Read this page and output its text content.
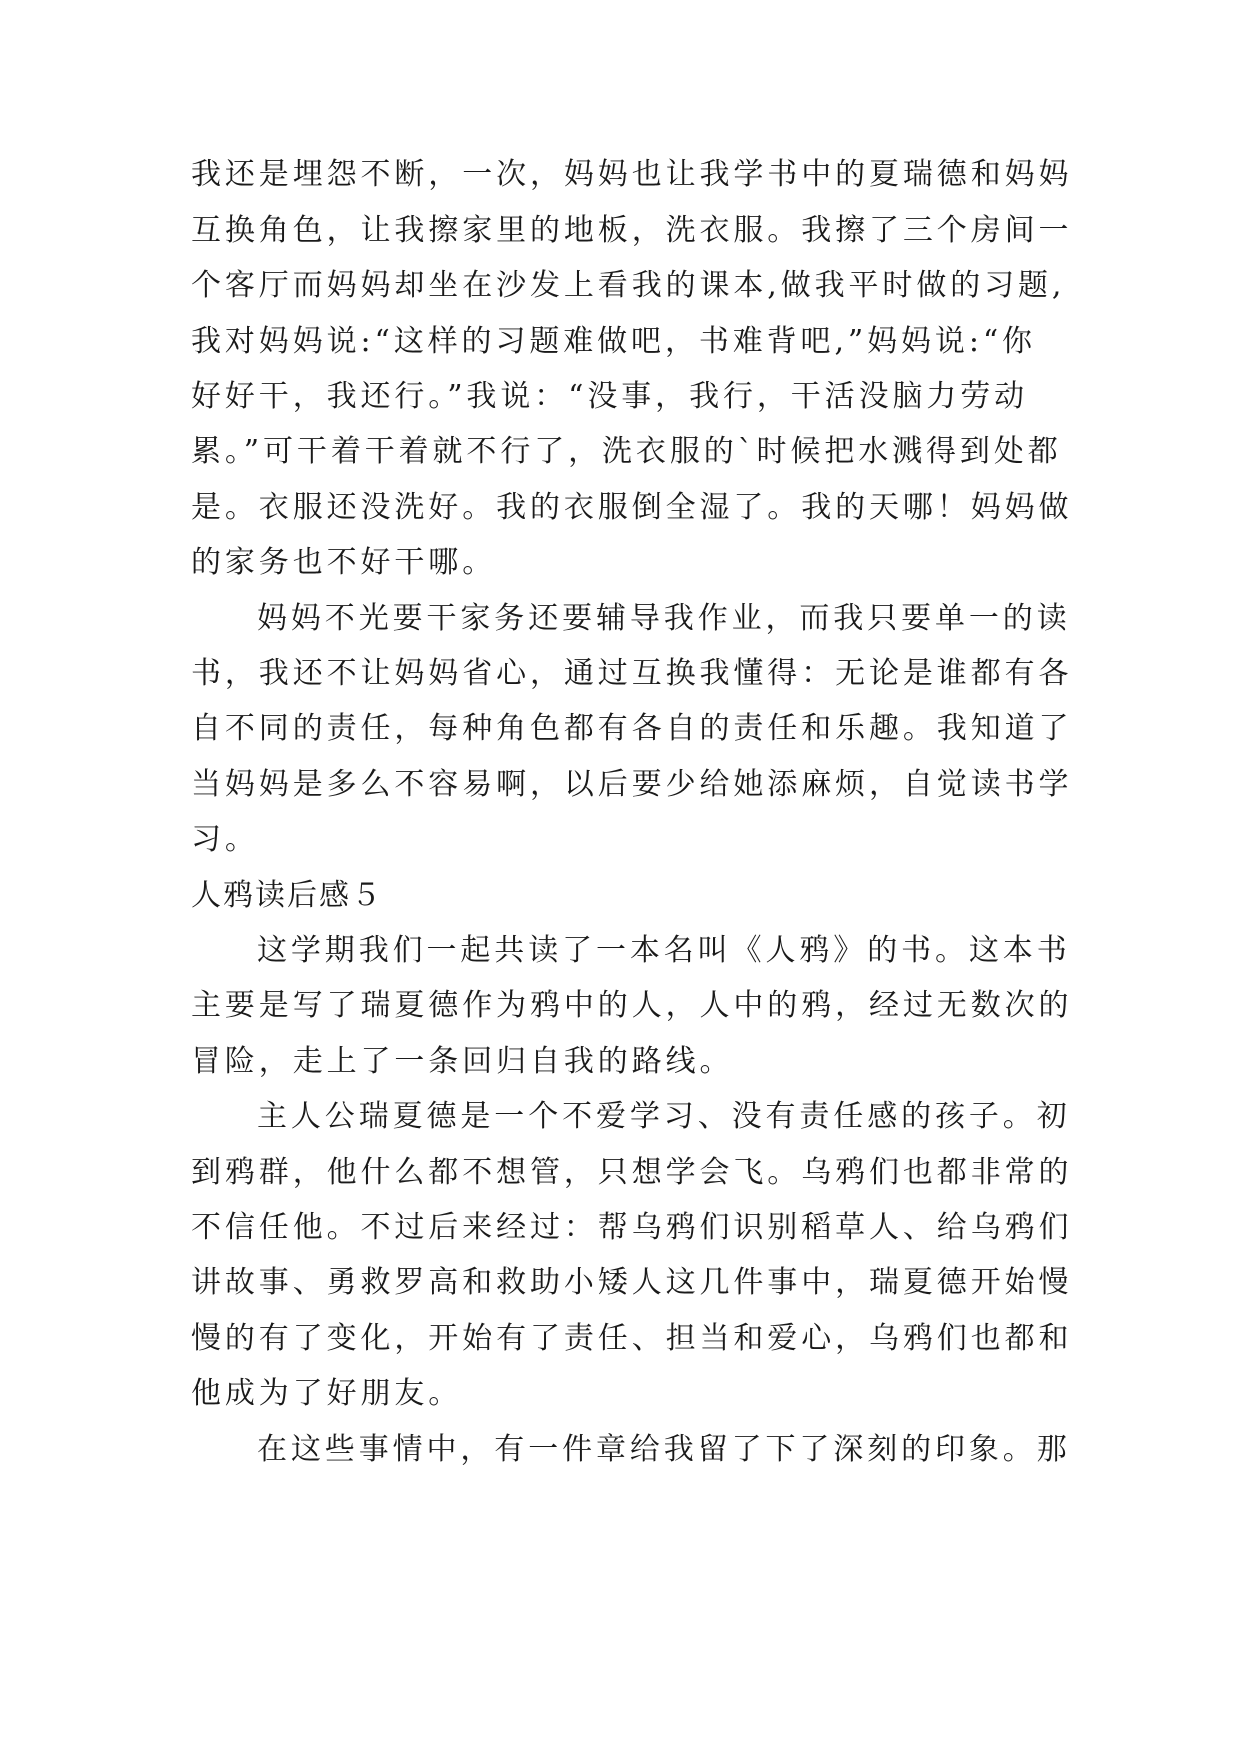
我还是埋怨不断，一次，妈妈也让我学书中的夏瑞德和妈妈
互换角色，让我擦家里的地板，洗衣服。我擦了三个房间一
个客厅而妈妈却坐在沙发上看我的课本,做我平时做的习题,
我对妈妈说:“这样的习题难做吧，书难背吧,”妈妈说:“你
好好干，我还行。”我说：“没事，我行，干活没脑力劳动
累。”可干着干着就不行了，洗衣服的`时候把水溅得到处都
是。衣服还没洗好。我的衣服倒全湿了。我的天哪！妈妈做
的家务也不好干哪。
妈妈不光要干家务还要辅导我作业，而我只要单一的读
书，我还不让妈妈省心，通过互换我懂得：无论是谁都有各
自不同的责任，每种角色都有各自的责任和乐趣。我知道了
当妈妈是多么不容易啊，以后要少给她添麻烦，自觉读书学
习。
人鸦读后感５
这学期我们一起共读了一本名叫《人鸦》的书。这本书
主要是写了瑞夏德作为鸦中的人，人中的鸦，经过无数次的
冒险，走上了一条回归自我的路线。
主人公瑞夏德是一个不爱学习、没有责任感的孩子。初
到鸦群，他什么都不想管，只想学会飞。乌鸦们也都非常的
不信任他。不过后来经过：帮乌鸦们识别稻草人、给乌鸦们
讲故事、勇救罗高和救助小矮人这几件事中，瑞夏德开始慢
慢的有了变化，开始有了责任、担当和爱心，乌鸦们也都和
他成为了好朋友。
在这些事情中，有一件章给我留了下了深刻的印象。那
